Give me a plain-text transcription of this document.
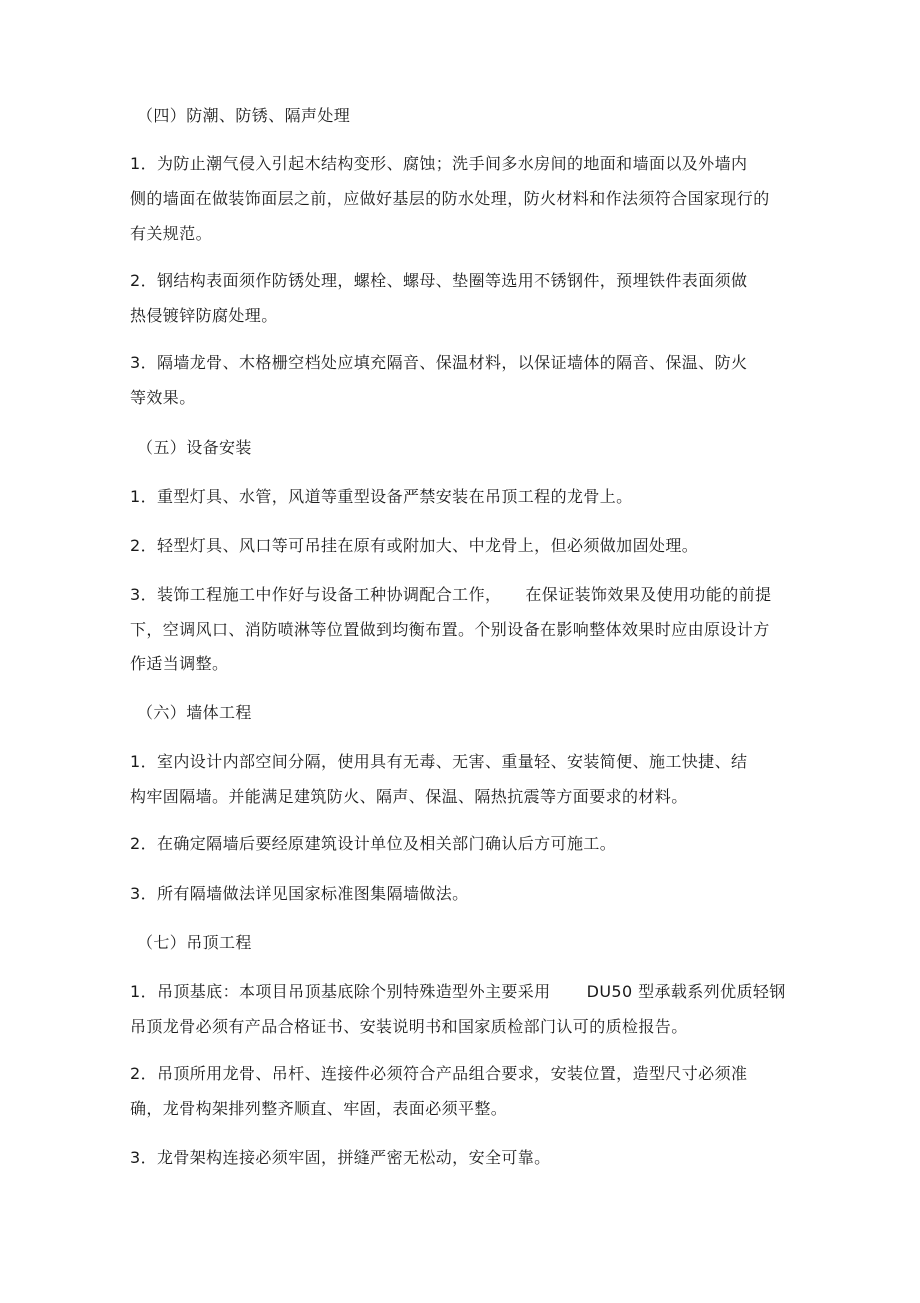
（四）防潮、防锈、隔声处理
1．为防止潮气侵入引起木结构变形、腐蚀；洗手间多水房间的地面和墙面以及外墙内
侧的墙面在做装饰面层之前，应做好基层的防水处理，防火材料和作法须符合国家现行的
有关规范。
2．钢结构表面须作防锈处理，螺栓、螺母、垫圈等选用不锈钢件，预埋铁件表面须做
热侵镀锌防腐处理。
3．隔墙龙骨、木格栅空档处应填充隔音、保温材料，以保证墙体的隔音、保温、防火
等效果。
（五）设备安装
1．重型灯具、水管，风道等重型设备严禁安装在吊顶工程的龙骨上。
2．轻型灯具、风口等可吊挂在原有或附加大、中龙骨上，但必须做加固处理。
3．装饰工程施工中作好与设备工种协调配合工作， 在保证装饰效果及使用功能的前提
下，空调风口、消防喷淋等位置做到均衡布置。个别设备在影响整体效果时应由原设计方
作适当调整。
（六）墙体工程
1．室内设计内部空间分隔，使用具有无毒、无害、重量轻、安装简便、施工快捷、结
构牢固隔墙。并能满足建筑防火、隔声、保温、隔热抗震等方面要求的材料。
2．在确定隔墙后要经原建筑设计单位及相关部门确认后方可施工。
3．所有隔墙做法详见国家标准图集隔墙做法。
（七）吊顶工程
1．吊顶基底：本项目吊顶基底除个别特殊造型外主要采用 DU50 型承载系列优质轻钢
吊顶龙骨必须有产品合格证书、安装说明书和国家质检部门认可的质检报告。
2．吊顶所用龙骨、吊杆、连接件必须符合产品组合要求，安装位置，造型尺寸必须准
确，龙骨构架排列整齐顺直、牢固，表面必须平整。
3．龙骨架构连接必须牢固，拼缝严密无松动，安全可靠。
